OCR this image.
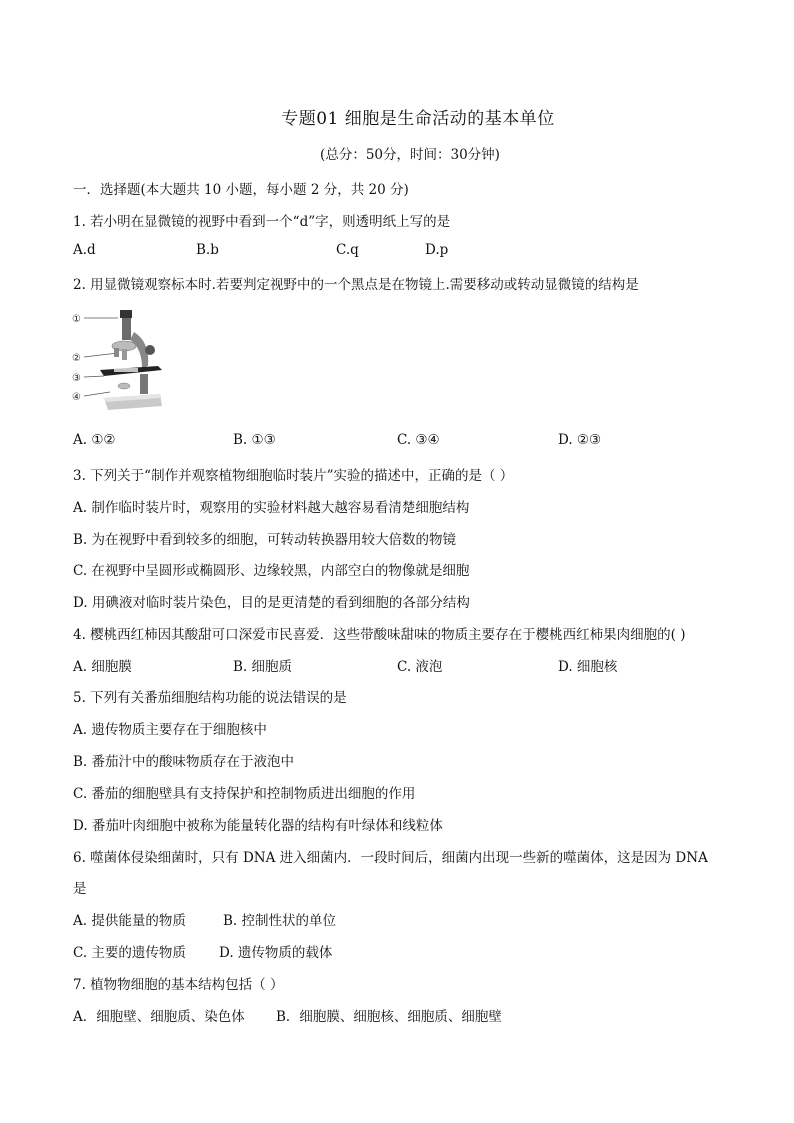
专题01 细胞是生命活动的基本单位
(总分：50分，时间：30分钟)
一．选择题(本大题共 10 小题，每小题 2 分，共 20 分)
1. 若小明在显微镜的视野中看到一个“d”字，则透明纸上写的是
A.d	B.b	C.q	D.p
2. 用显微镜观察标本时.若要判定视野中的一个黑点是在物镜上.需要移动或转动显微镜的结构是
①
②
③
④
A. ①②	B. ①③	C. ③④	D. ②③
3. 下列关于“制作并观察植物细胞临时装片”实验的描述中，正确的是（ ）
A. 制作临时装片时，观察用的实验材料越大越容易看清楚细胞结构
B. 为在视野中看到较多的细胞，可转动转换器用较大倍数的物镜
C. 在视野中呈圆形或椭圆形、边缘较黑，内部空白的物像就是细胞
D. 用碘液对临时装片染色，目的是更清楚的看到细胞的各部分结构
4. 樱桃西红柿因其酸甜可口深爱市民喜爱．这些带酸味甜味的物质主要存在于樱桃西红柿果肉细胞的( )
A. 细胞膜	B. 细胞质	C. 液泡	D. 细胞核
5. 下列有关番茄细胞结构功能的说法错误的是
A. 遗传物质主要存在于细胞核中
B. 番茄汁中的酸味物质存在于液泡中
C. 番茄的细胞壁具有支持保护和控制物质进出细胞的作用
D. 番茄叶肉细胞中被称为能量转化器的结构有叶绿体和线粒体
6. 噬菌体侵染细菌时，只有 DNA 进入细菌内．一段时间后，细菌内出现一些新的噬菌体，这是因为 DNA
是
A. 提供能量的物质	B. 控制性状的单位
C. 主要的遗传物质 D. 遗传物质的载体
7. 植物物细胞的基本结构包括（ ）
A．细胞壁、细胞质、染色体 B．细胞膜、细胞核、细胞质、细胞壁
